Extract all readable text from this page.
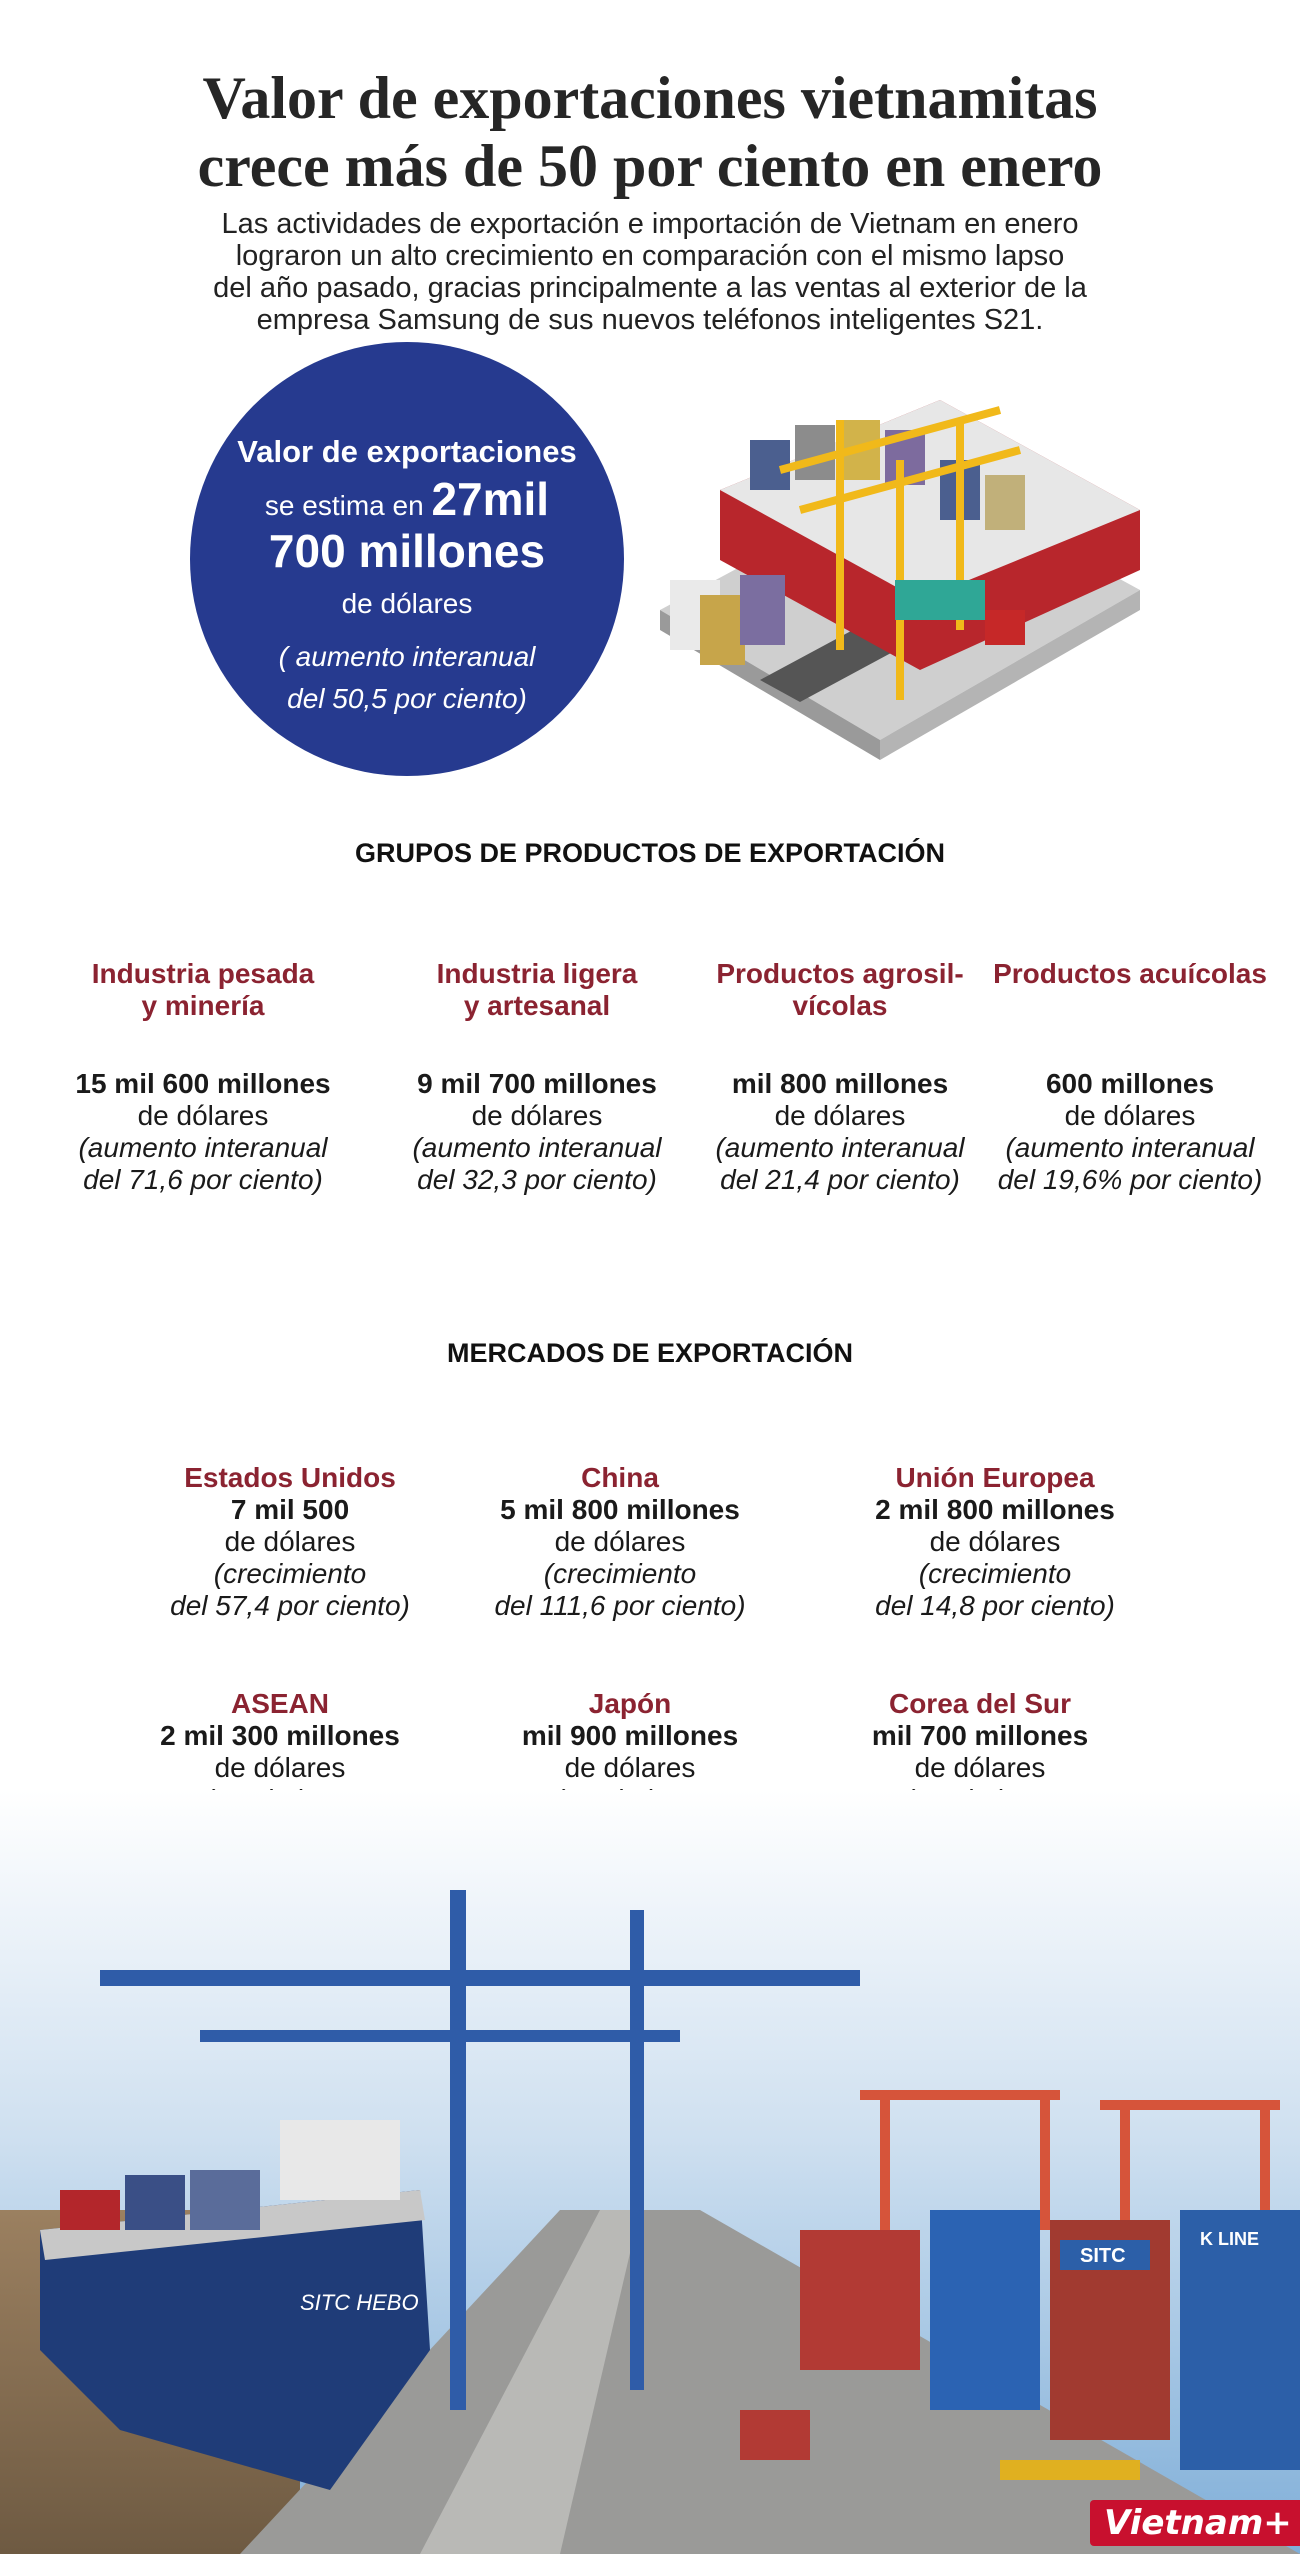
Valor de exportaciones vietnamitas
crece más de 50 por ciento en enero
Las actividades de exportación e importación de Vietnam en enero
lograron un alto crecimiento en comparación con el mismo lapso
del año pasado, gracias principalmente a las ventas al exterior de la
empresa Samsung de sus nuevos teléfonos inteligentes S21.
Valor de exportaciones
se estima en 27mil
700 millones
de dólares
( aumento interanual
del 50,5 por ciento)
GRUPOS DE PRODUCTOS DE EXPORTACIÓN
Industria pesada
y minería
15 mil 600 millones
de dólares
(aumento interanual
del 71,6 por ciento)
Industria ligera
y artesanal
9 mil 700 millones
de dólares
(aumento interanual
del 32,3 por ciento)
Productos agrosil-
vícolas
mil 800 millones
de dólares
(aumento interanual
del 21,4 por ciento)
Productos acuícolas
600 millones
de dólares
(aumento interanual
del 19,6% por ciento)
MERCADOS DE EXPORTACIÓN
Estados Unidos
7 mil 500
de dólares
(crecimiento
del 57,4 por ciento)
China
5 mil 800 millones
de dólares
(crecimiento
del 111,6 por ciento)
Unión Europea
2 mil 800 millones
de dólares
(crecimiento
del 14,8 por ciento)
ASEAN
2 mil 300 millones
de dólares
Japón
mil 900 millones
de dólares
Corea del Sur
mil 700 millones
de dólares
SITC HEBO
SITC
K LINE
Vietnam+
